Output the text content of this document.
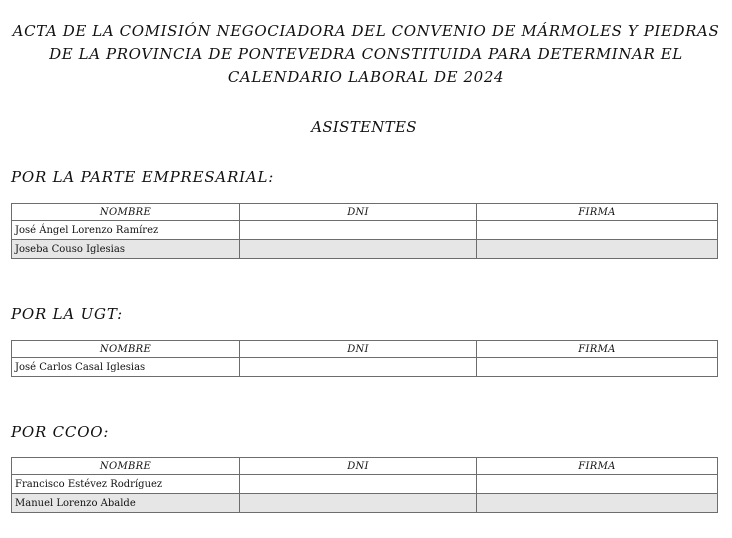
ACTA DE LA COMISIÓN NEGOCIADORA DEL CONVENIO DE MÁRMOLES Y PIEDRAS DE LA PROVINCIA DE PONTEVEDRA CONSTITUIDA PARA DETERMINAR EL CALENDARIO LABORAL DE 2024
ASISTENTES
POR LA PARTE EMPRESARIAL:
NOMBRE	DNI	FIRMA
José Ángel Lorenzo Ramírez		
Joseba Couso Iglesias		
POR LA UGT:
NOMBRE	DNI	FIRMA
José Carlos Casal Iglesias		
POR CCOO:
NOMBRE	DNI	FIRMA
Francisco Estévez Rodríguez		
Manuel Lorenzo Abalde		
